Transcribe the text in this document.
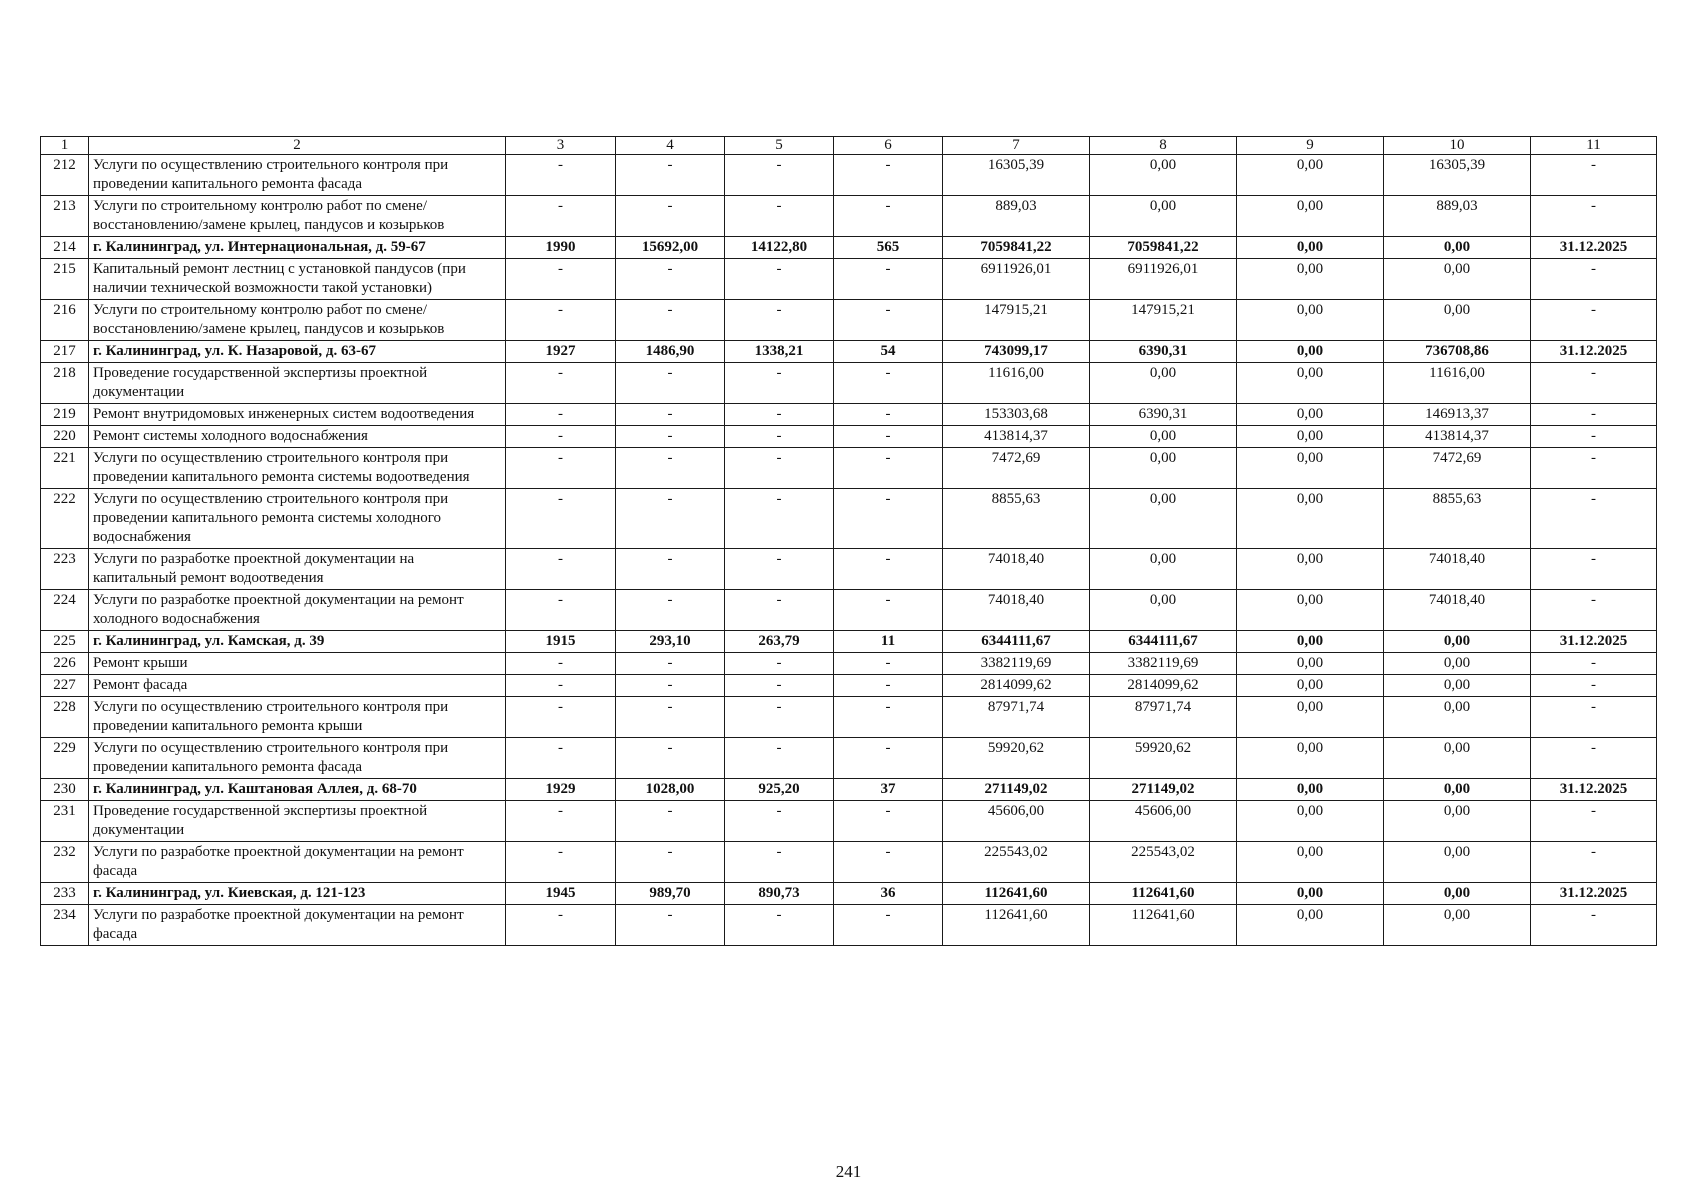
1	2	3	4	5	6	7	8	9	10	11
212	Услуги по осуществлению строительного контроля при проведении капитального ремонта фасада	-	-	-	-	16305,39	0,00	0,00	16305,39	-
213	Услуги по строительному контролю работ по смене/восстановлению/замене крылец, пандусов и козырьков	-	-	-	-	889,03	0,00	0,00	889,03	-
214	г. Калининград, ул. Интернациональная, д. 59-67	1990	15692,00	14122,80	565	7059841,22	7059841,22	0,00	0,00	31.12.2025
215	Капитальный ремонт лестниц с установкой пандусов (при наличии технической возможности такой установки)	-	-	-	-	6911926,01	6911926,01	0,00	0,00	-
216	Услуги по строительному контролю работ по смене/восстановлению/замене крылец, пандусов и козырьков	-	-	-	-	147915,21	147915,21	0,00	0,00	-
217	г. Калининград, ул. К. Назаровой, д. 63-67	1927	1486,90	1338,21	54	743099,17	6390,31	0,00	736708,86	31.12.2025
218	Проведение государственной экспертизы проектной документации	-	-	-	-	11616,00	0,00	0,00	11616,00	-
219	Ремонт внутридомовых инженерных систем водоотведения	-	-	-	-	153303,68	6390,31	0,00	146913,37	-
220	Ремонт системы холодного водоснабжения	-	-	-	-	413814,37	0,00	0,00	413814,37	-
221	Услуги по осуществлению строительного контроля при проведении капитального ремонта системы водоотведения	-	-	-	-	7472,69	0,00	0,00	7472,69	-
222	Услуги по осуществлению строительного контроля при проведении капитального ремонта системы холодного водоснабжения	-	-	-	-	8855,63	0,00	0,00	8855,63	-
223	Услуги по разработке проектной документации на капитальный ремонт водоотведения	-	-	-	-	74018,40	0,00	0,00	74018,40	-
224	Услуги по разработке проектной документации на ремонт холодного водоснабжения	-	-	-	-	74018,40	0,00	0,00	74018,40	-
225	г. Калининград, ул. Камская, д. 39	1915	293,10	263,79	11	6344111,67	6344111,67	0,00	0,00	31.12.2025
226	Ремонт крыши	-	-	-	-	3382119,69	3382119,69	0,00	0,00	-
227	Ремонт фасада	-	-	-	-	2814099,62	2814099,62	0,00	0,00	-
228	Услуги по осуществлению строительного контроля при проведении капитального ремонта крыши	-	-	-	-	87971,74	87971,74	0,00	0,00	-
229	Услуги по осуществлению строительного контроля при проведении капитального ремонта фасада	-	-	-	-	59920,62	59920,62	0,00	0,00	-
230	г. Калининград, ул. Каштановая Аллея, д. 68-70	1929	1028,00	925,20	37	271149,02	271149,02	0,00	0,00	31.12.2025
231	Проведение государственной экспертизы проектной документации	-	-	-	-	45606,00	45606,00	0,00	0,00	-
232	Услуги по разработке проектной документации на ремонт фасада	-	-	-	-	225543,02	225543,02	0,00	0,00	-
233	г. Калининград, ул. Киевская, д. 121-123	1945	989,70	890,73	36	112641,60	112641,60	0,00	0,00	31.12.2025
234	Услуги по разработке проектной документации на ремонт фасада	-	-	-	-	112641,60	112641,60	0,00	0,00	-
241
